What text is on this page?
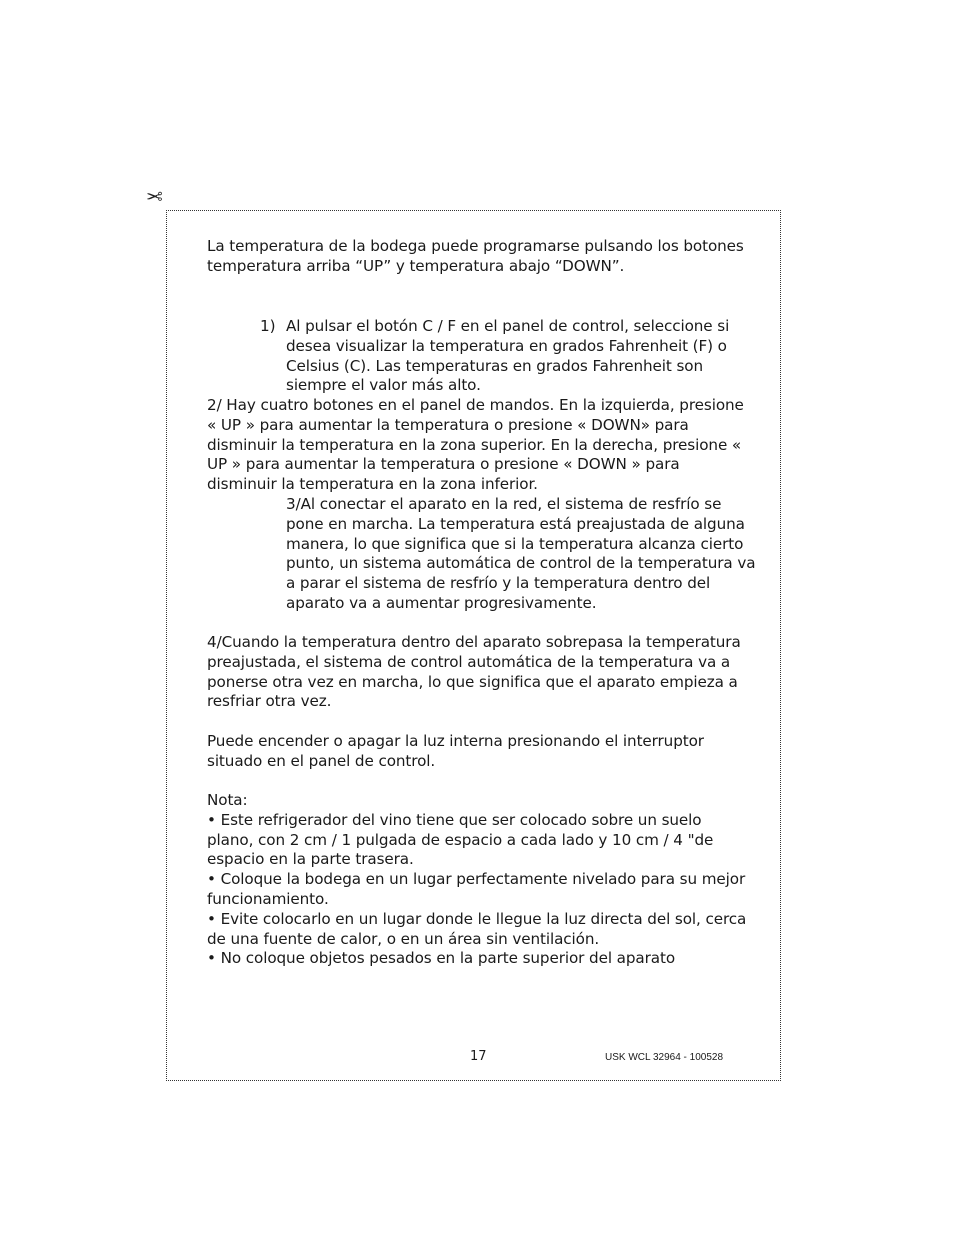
✂
La temperatura de la bodega puede programarse pulsando los botones temperatura arriba “UP” y temperatura abajo “DOWN”.
1) Al pulsar el botón C / F en el panel de control, seleccione si desea visualizar la temperatura en grados Fahrenheit (F) o Celsius (C). Las temperaturas en grados Fahrenheit son siempre el valor más alto.
2/ Hay cuatro botones en el panel de mandos. En la izquierda, presione « UP » para aumentar la temperatura o presione « DOWN» para disminuir la temperatura en la zona superior. En la derecha, presione « UP » para aumentar la temperatura o presione « DOWN » para disminuir la temperatura en la zona inferior.
3/Al conectar el aparato en la red, el sistema de resfrío se pone en marcha. La temperatura está preajustada de alguna manera, lo que significa que si la temperatura alcanza cierto punto, un sistema automática de control de la temperatura va a parar el sistema de resfrío y la temperatura dentro del aparato va a aumentar progresivamente.
4/Cuando la temperatura dentro del aparato sobrepasa la temperatura preajustada, el sistema de control automática de la temperatura va a ponerse otra vez en marcha, lo que significa que el aparato empieza a resfriar otra vez.
Puede encender o apagar la luz interna presionando el interruptor situado en el panel de control.
Nota:
• Este refrigerador del vino tiene que ser colocado sobre un suelo plano, con 2 cm / 1 pulgada de espacio a cada lado y 10 cm / 4 "de espacio en la parte trasera.
• Coloque la bodega en un lugar perfectamente nivelado para su mejor funcionamiento.
• Evite colocarlo en un lugar donde le llegue la luz directa del sol, cerca de una fuente de calor, o en un área sin ventilación.
• No coloque objetos pesados en la parte superior del aparato
17	USK WCL 32964 - 100528
